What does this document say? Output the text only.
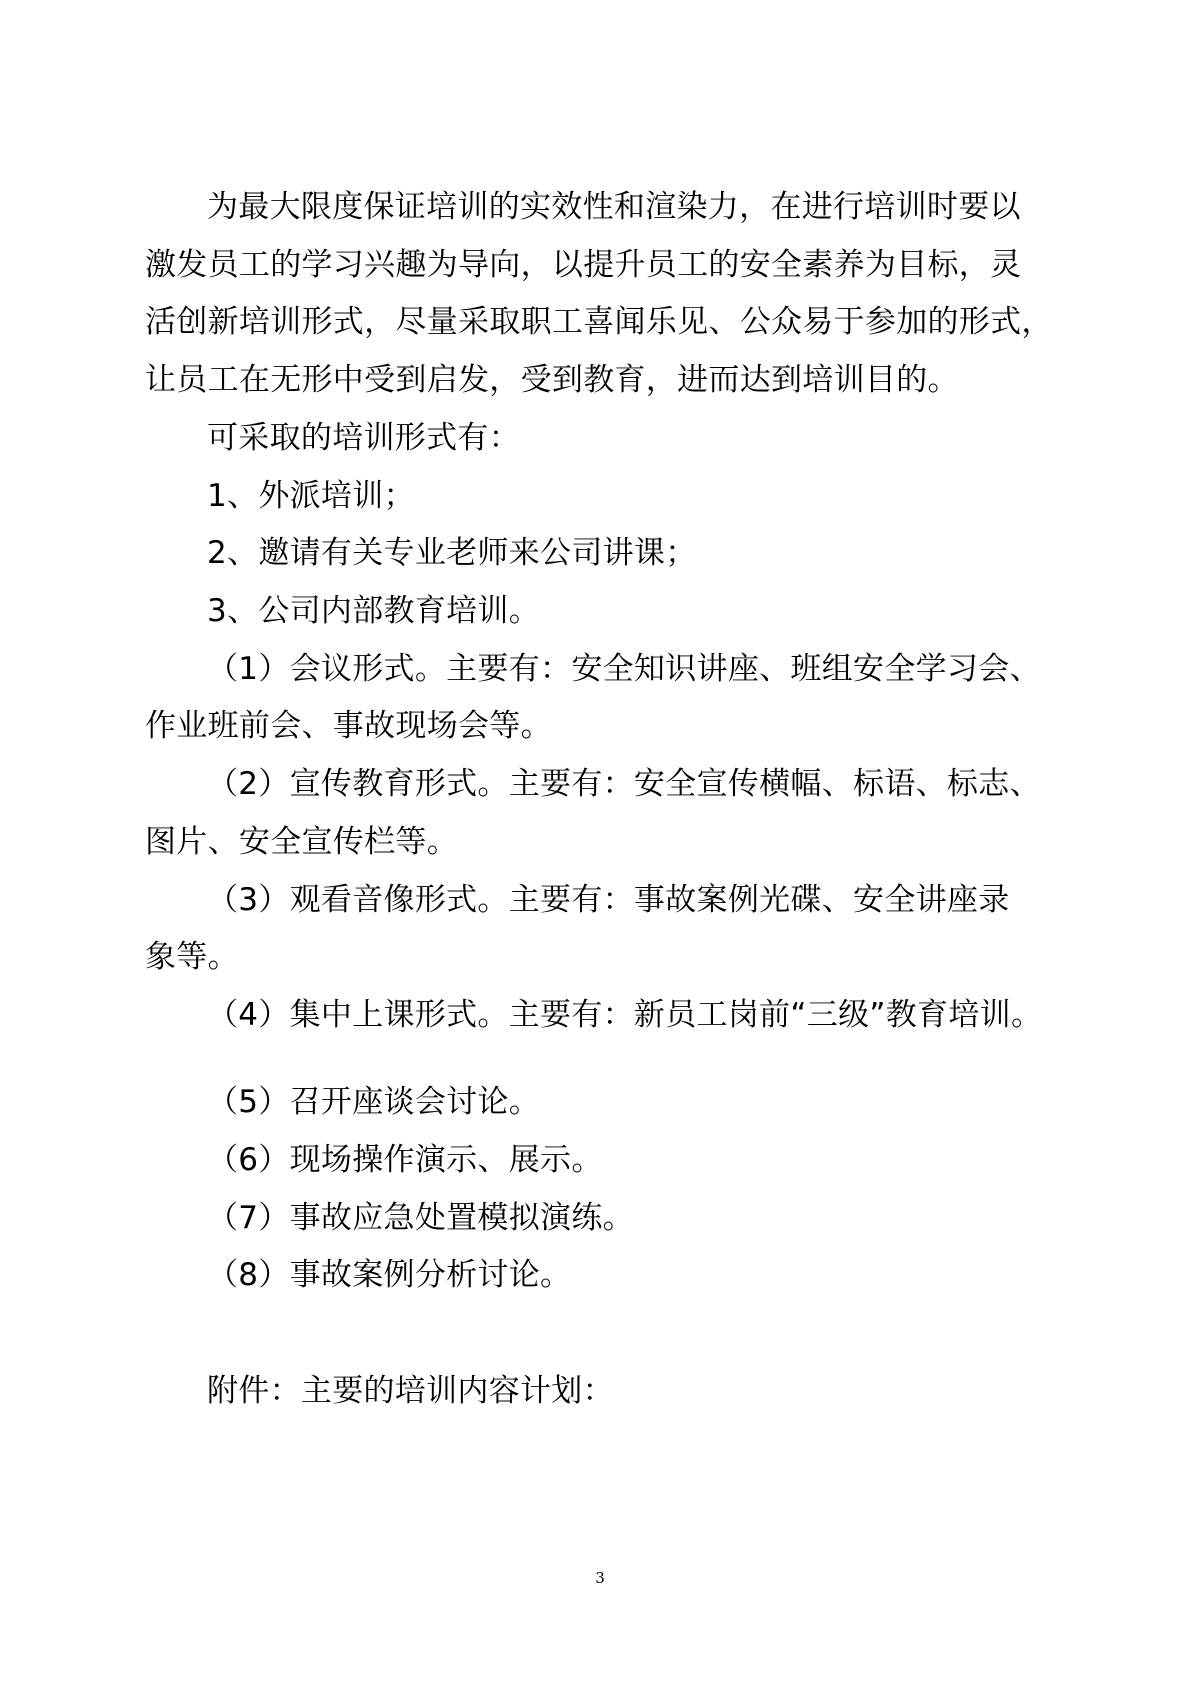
为最大限度保证培训的实效性和渲染力，在进行培训时要以
激发员工的学习兴趣为导向，以提升员工的安全素养为目标，灵
活创新培训形式，尽量采取职工喜闻乐见、公众易于参加的形式，
让员工在无形中受到启发，受到教育，进而达到培训目的。
可采取的培训形式有：
1、外派培训；
2、邀请有关专业老师来公司讲课；
3、公司内部教育培训。
（1）会议形式。主要有：安全知识讲座、班组安全学习会、
作业班前会、事故现场会等。
（2）宣传教育形式。主要有：安全宣传横幅、标语、标志、
图片、安全宣传栏等。
（3）观看音像形式。主要有：事故案例光碟、安全讲座录
象等。
（4）集中上课形式。主要有：新员工岗前“三级”教育培训。
（5）召开座谈会讨论。
（6）现场操作演示、展示。
（7）事故应急处置模拟演练。
（8）事故案例分析讨论。
附件：主要的培训内容计划：
3
